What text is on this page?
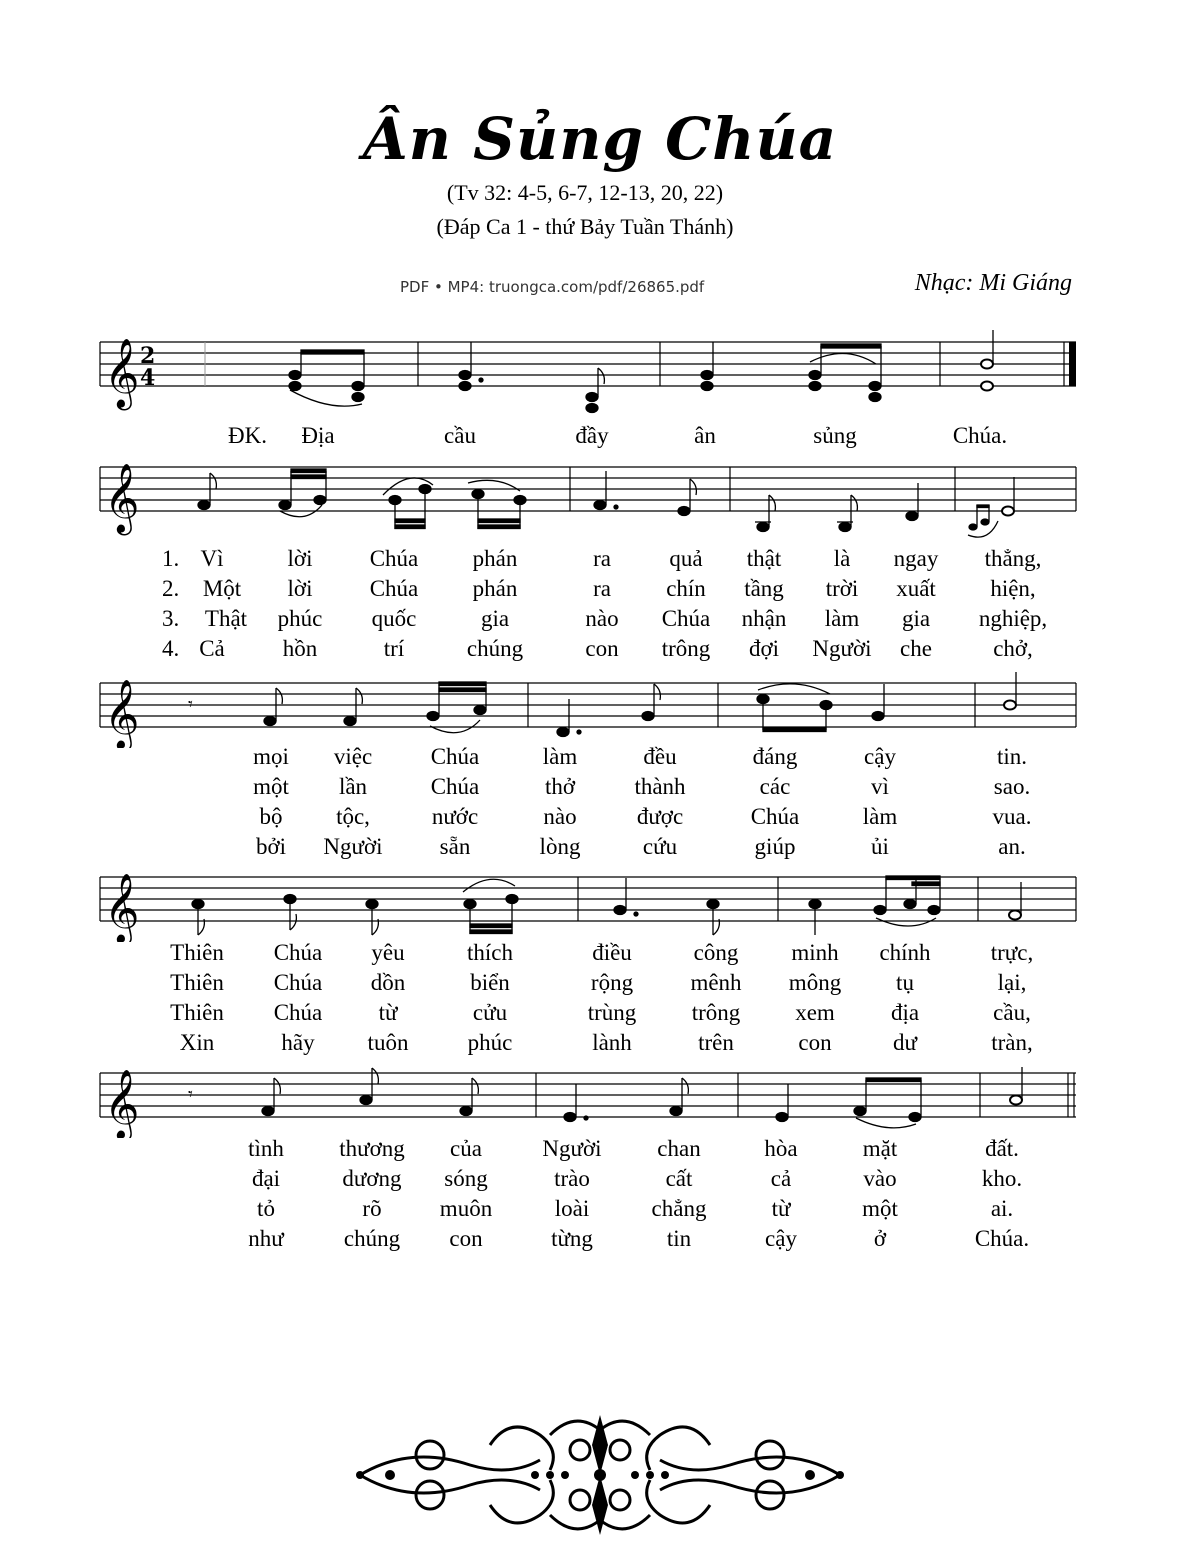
Ân Sủng Chúa
(Tv 32: 4-5, 6-7, 12-13, 20, 22)
(Đáp Ca 1 - thứ Bảy Tuần Thánh)
PDF • MP4: truongca.com/pdf/26865.pdf	Nhạc: Mi Giáng
𝄞 2
4
ĐK. Địa	cầu	đầy	ân	sủng	Chúa.
𝄞
1. Vì	lời Chúa phán	ra	quả thật là ngay thẳng,
2. Một lời Chúa phán	ra chín tầng trời xuất hiện,
3. Thật phúc quốc	gia	nào Chúa nhận làm gia nghiệp,
4. Cả	hồn	trí	chúng	con trông đợi Người che	chở,
𝄞	𝄾
mọi việc	Chúa	làm	đều	đáng	cậy	tin.
một lần	Chúa	thở	thành	các	vì	sao.
bộ tộc,	nước	nào	được	Chúa	làm	vua.
bởi Người sẵn	lòng	cứu	giúp	ủi	an.
𝄞
Thiên Chúa yêu	thích	điều	công minh chính	trực,
Thiên Chúa dồn	biển	rộng mênh mông tụ	lại,
Thiên Chúa từ	cửu	trùng trông xem địa	cầu,
Xin	hãy tuôn	phúc	lành	trên	con	dư	tràn,
𝄞	𝄾
tình thương của	Người chan	hòa	mặt	đất.
đại	dương sóng	trào	cất	cả	vào	kho.
tỏ	rõ	muôn	loài	chẳng	từ	một	ai.
như	chúng con	từng	tin	cậy	ở	Chúa.
